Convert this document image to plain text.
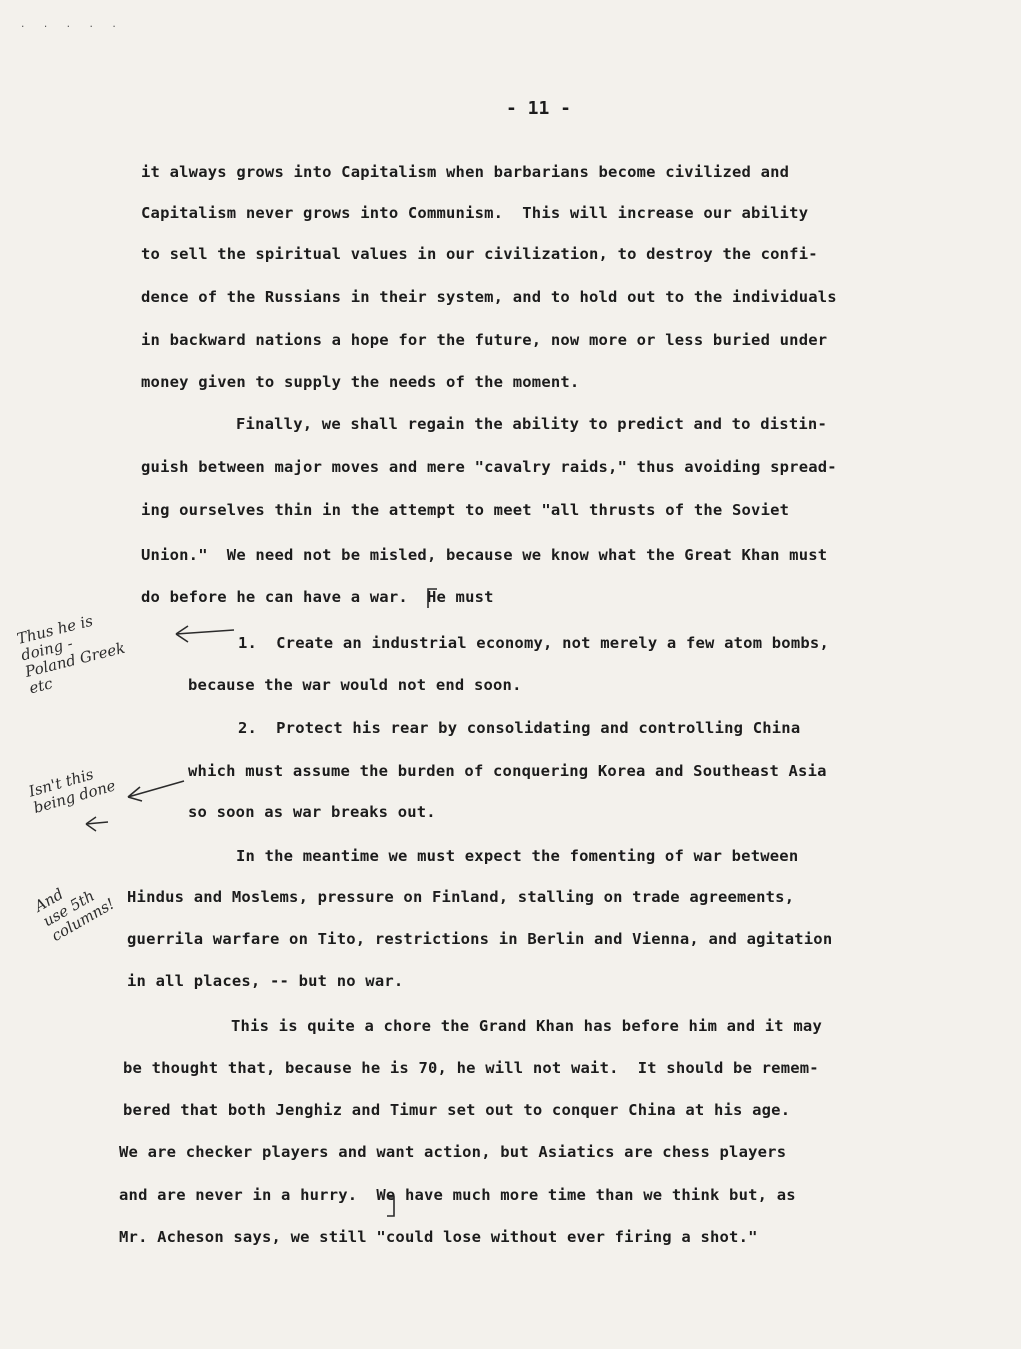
. . . . .
- 11 -
it always grows into Capitalism when barbarians become civilized and
Capitalism never grows into Communism.  This will increase our ability
to sell the spiritual values in our civilization, to destroy the confi-
dence of the Russians in their system, and to hold out to the individuals
in backward nations a hope for the future, now more or less buried under
money given to supply the needs of the moment.
Finally, we shall regain the ability to predict and to distin-
guish between major moves and mere "cavalry raids," thus avoiding spread-
ing ourselves thin in the attempt to meet "all thrusts of the Soviet
Union."  We need not be misled, because we know what the Great Khan must
do before he can have a war.  He must
1.  Create an industrial economy, not merely a few atom bombs,
because the war would not end soon.
2.  Protect his rear by consolidating and controlling China
which must assume the burden of conquering Korea and Southeast Asia
so soon as war breaks out.
In the meantime we must expect the fomenting of war between
Hindus and Moslems, pressure on Finland, stalling on trade agreements,
guerrila warfare on Tito, restrictions in Berlin and Vienna, and agitation
in all places, -- but no war.
This is quite a chore the Grand Khan has before him and it may
be thought that, because he is 70, he will not wait.  It should be remem-
bered that both Jenghiz and Timur set out to conquer China at his age.
We are checker players and want action, but Asiatics are chess players
and are never in a hurry.  We have much more time than we think but, as
Mr. Acheson says, we still "could lose without ever firing a shot."
Thus he is
doing -
Poland Greek
etc
Isn't this
being done
And
use 5th
columns!
